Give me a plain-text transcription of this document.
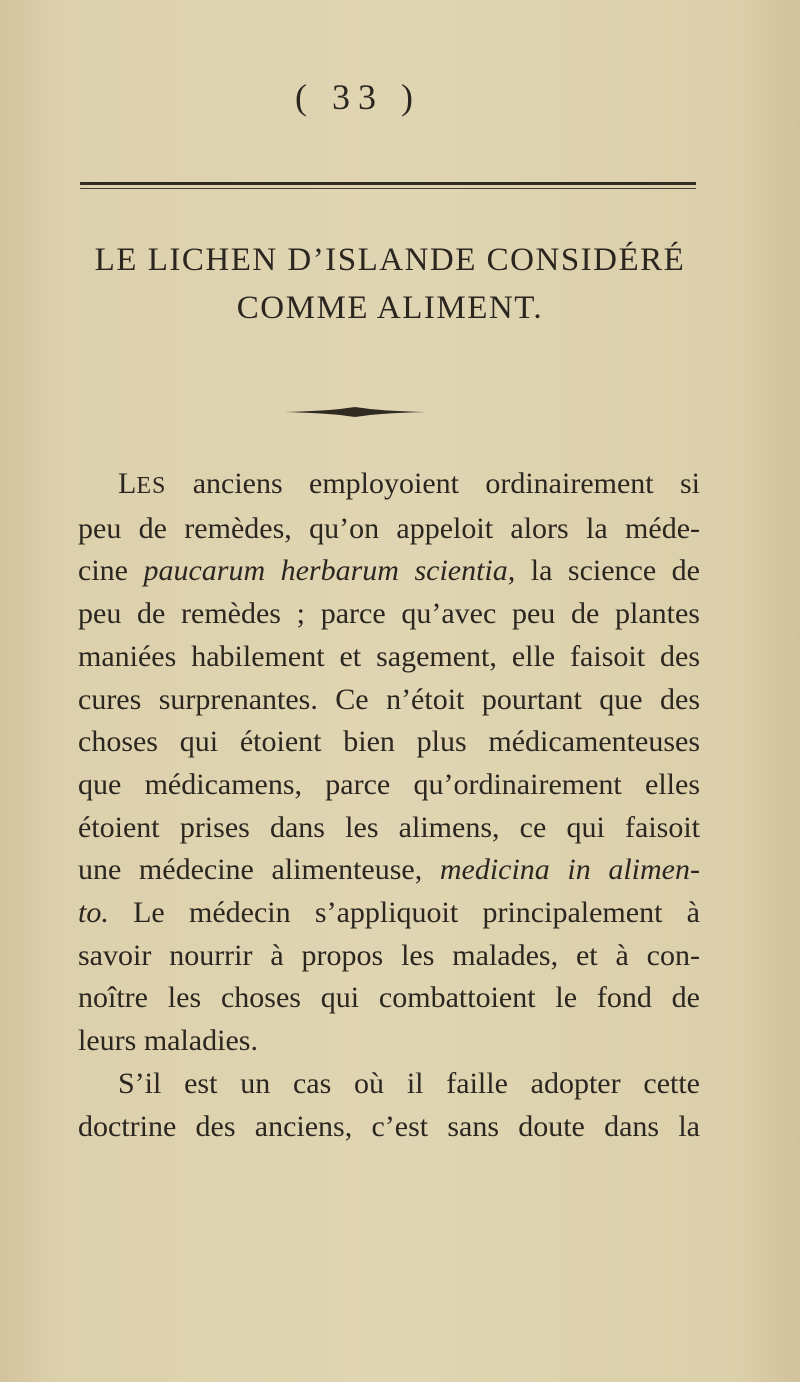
( 33 )
LE LICHEN D’ISLANDE CONSIDÉRÉ
COMME ALIMENT.
LES anciens employoient ordinairement si
peu de remèdes, qu’on appeloit alors la méde-
cine paucarum herbarum scientia, la science de
peu de remèdes ; parce qu’avec peu de plantes
maniées habilement et sagement, elle faisoit des
cures surprenantes. Ce n’étoit pourtant que des
choses qui étoient bien plus médicamenteuses
que médicamens, parce qu’ordinairement elles
étoient prises dans les alimens, ce qui faisoit
une médecine alimenteuse, medicina in alimen-
to. Le médecin s’appliquoit principalement à
savoir nourrir à propos les malades, et à con-
noître les choses qui combattoient le fond de
leurs maladies.
S’il est un cas où il faille adopter cette
doctrine des anciens, c’est sans doute dans la
